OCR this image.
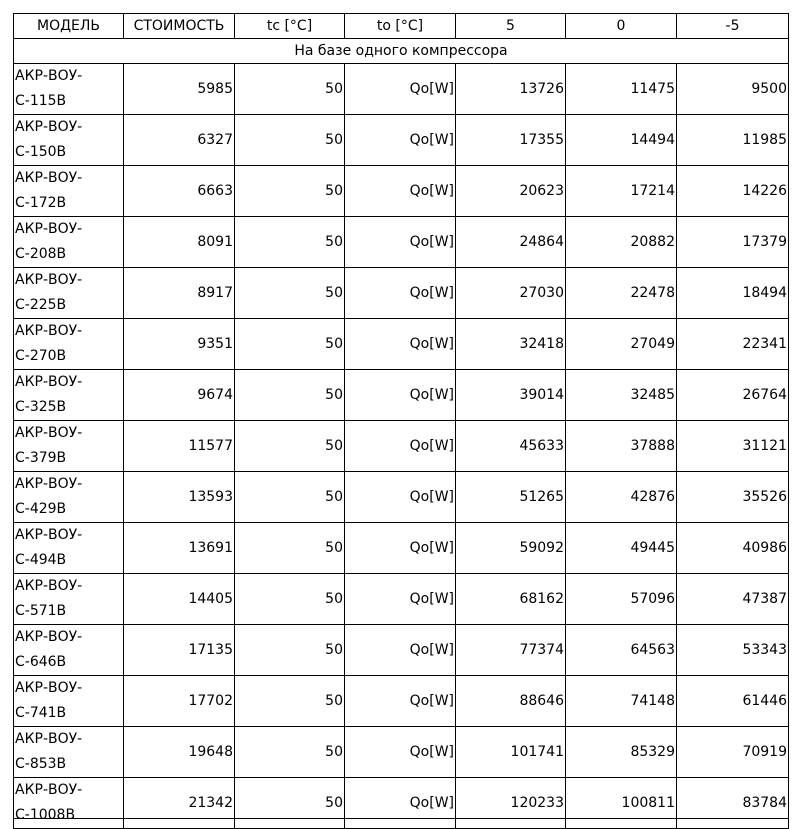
МОДЕЛЬ	СТОИМОСТЬ	tc [°C]	to [°C]	5	0	-5
На базе одного компрессора						
АКР-ВОУ-С-115В	5985	50	Qo[W]	13726	11475	9500
АКР-ВОУ-С-150В	6327	50	Qo[W]	17355	14494	11985
АКР-ВОУ-С-172В	6663	50	Qo[W]	20623	17214	14226
АКР-ВОУ-С-208В	8091	50	Qo[W]	24864	20882	17379
АКР-ВОУ-С-225В	8917	50	Qo[W]	27030	22478	18494
АКР-ВОУ-С-270В	9351	50	Qo[W]	32418	27049	22341
АКР-ВОУ-С-325В	9674	50	Qo[W]	39014	32485	26764
АКР-ВОУ-С-379В	11577	50	Qo[W]	45633	37888	31121
АКР-ВОУ-С-429В	13593	50	Qo[W]	51265	42876	35526
АКР-ВОУ-С-494В	13691	50	Qo[W]	59092	49445	40986
АКР-ВОУ-С-571В	14405	50	Qo[W]	68162	57096	47387
АКР-ВОУ-С-646В	17135	50	Qo[W]	77374	64563	53343
АКР-ВОУ-С-741В	17702	50	Qo[W]	88646	74148	61446
АКР-ВОУ-С-853В	19648	50	Qo[W]	101741	85329	70919
АКР-ВОУ-С-1008В	21342	50	Qo[W]	120233	100811	83784
